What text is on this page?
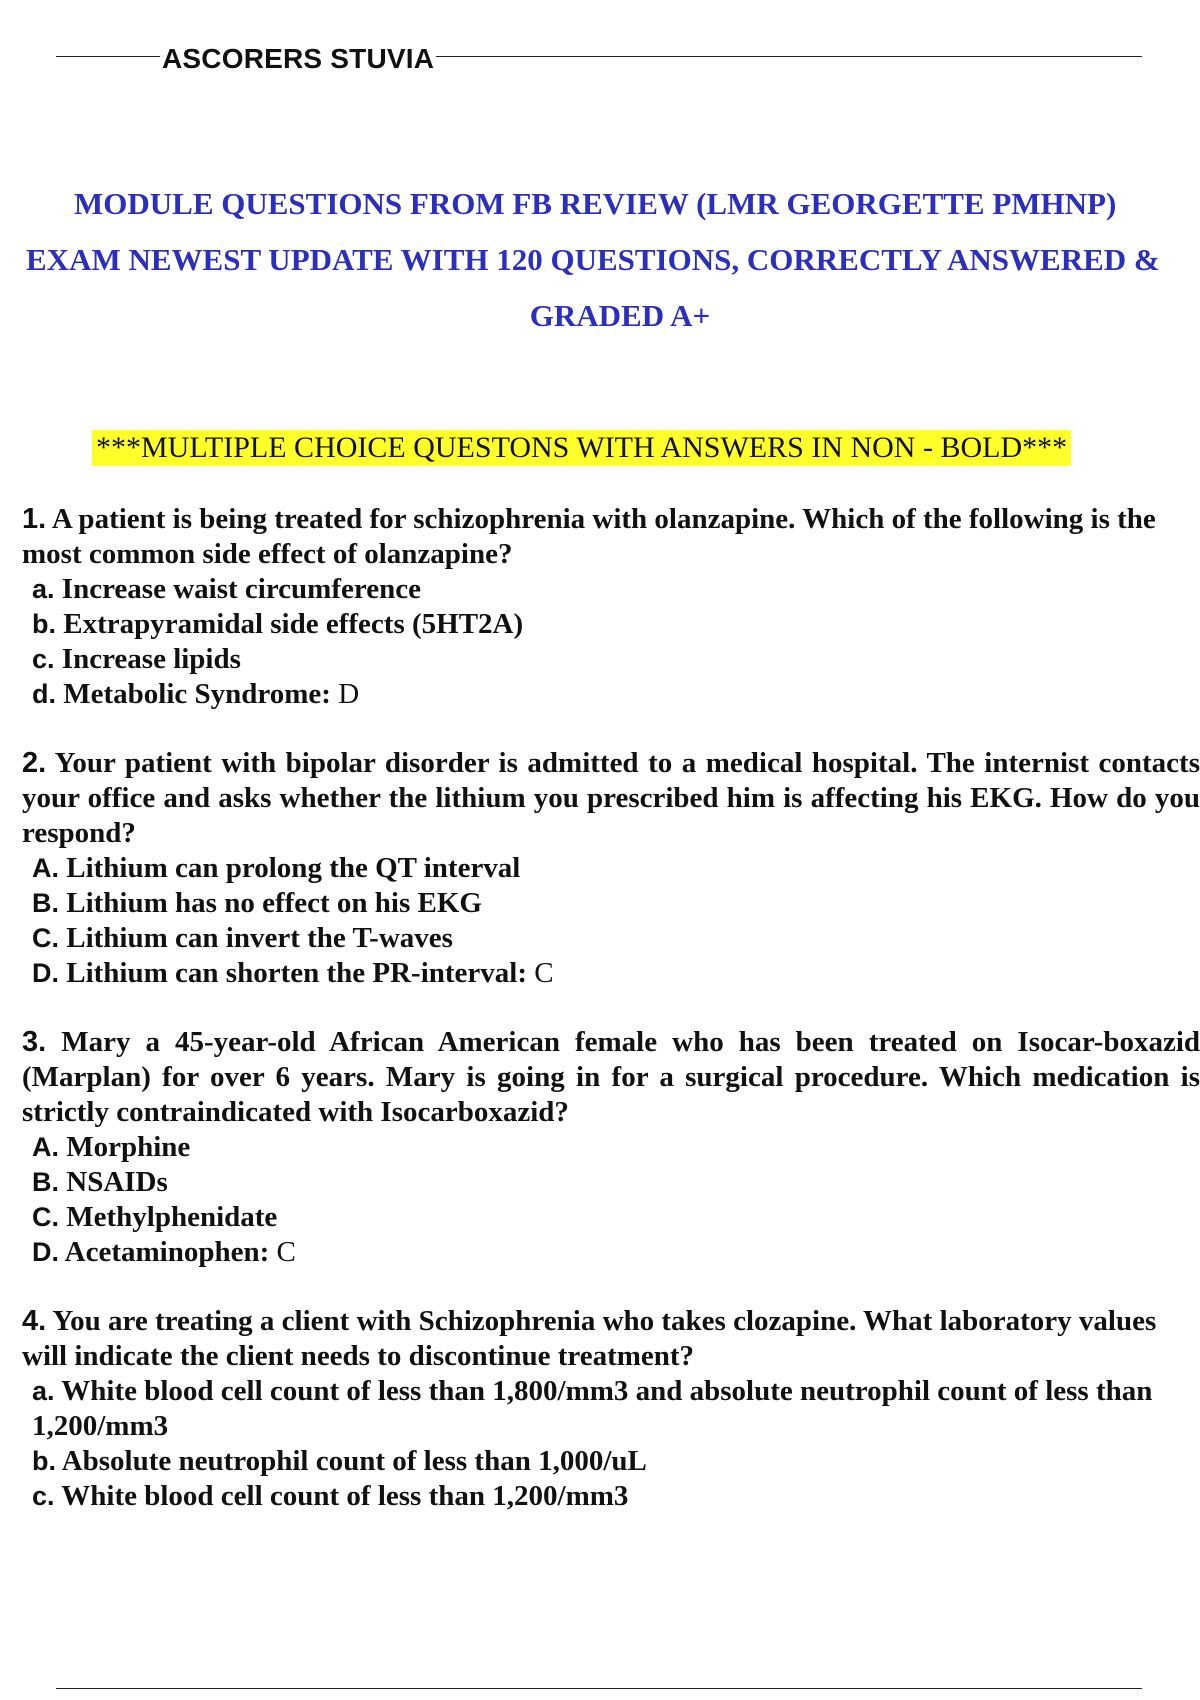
ASCORERS STUVIA
MODULE QUESTIONS FROM FB REVIEW (LMR GEORGETTE PMHNP)
EXAM NEWEST UPDATE WITH 120 QUESTIONS, CORRECTLY ANSWERED &
GRADED A+
***MULTIPLE CHOICE QUESTONS WITH ANSWERS IN NON - BOLD***
1. A patient is being treated for schizophrenia with olanzapine. Which of the following is the most common side effect of olanzapine?
a. Increase waist circumference
b. Extrapyramidal side effects (5HT2A)
c. Increase lipids
d. Metabolic Syndrome: D
2. Your patient with bipolar disorder is admitted to a medical hospital. The internist contacts your office and asks whether the lithium you prescribed him is affecting his EKG. How do you respond?
A. Lithium can prolong the QT interval
B. Lithium has no effect on his EKG
C. Lithium can invert the T-waves
D. Lithium can shorten the PR-interval: C
3. Mary a 45-year-old African American female who has been treated on Isocar-boxazid (Marplan) for over 6 years. Mary is going in for a surgical procedure. Which medication is strictly contraindicated with Isocarboxazid?
A. Morphine
B. NSAIDs
C. Methylphenidate
D. Acetaminophen: C
4. You are treating a client with Schizophrenia who takes clozapine. What laboratory values will indicate the client needs to discontinue treatment?
a. White blood cell count of less than 1,800/mm3 and absolute neutrophil count of less than 1,200/mm3
b. Absolute neutrophil count of less than 1,000/uL
c. White blood cell count of less than 1,200/mm3
